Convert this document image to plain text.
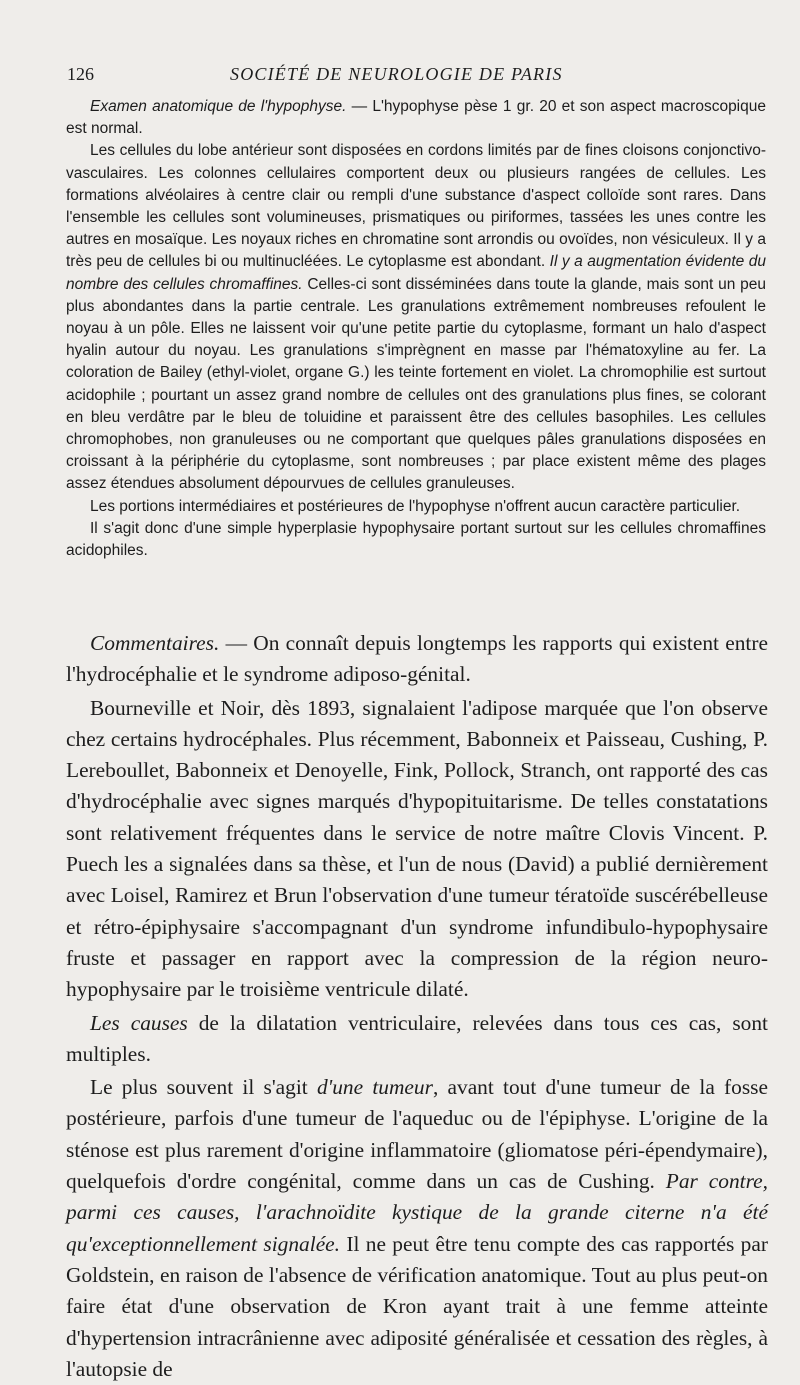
126	SOCIÉTÉ DE NEUROLOGIE DE PARIS

Examen anatomique de l'hypophyse. — L'hypophyse pèse 1 gr. 20 et son aspect macroscopique est normal.

Les cellules du lobe antérieur sont disposées en cordons limités par de fines cloisons conjonctivo-vasculaires. Les colonnes cellulaires comportent deux ou plusieurs rangées de cellules. Les formations alvéolaires à centre clair ou rempli d'une substance d'aspect colloïde sont rares. Dans l'ensemble les cellules sont volumineuses, prismatiques ou piriformes, tassées les unes contre les autres en mosaïque. Les noyaux riches en chromatine sont arrondis ou ovoïdes, non vésiculeux. Il y a très peu de cellules bi ou multinucléées. Le cytoplasme est abondant. Il y a augmentation évidente du nombre des cellules chromaffines. Celles-ci sont disséminées dans toute la glande, mais sont un peu plus abondantes dans la partie centrale. Les granulations extrêmement nombreuses refoulent le noyau à un pôle. Elles ne laissent voir qu'une petite partie du cytoplasme, formant un halo d'aspect hyalin autour du noyau. Les granulations s'imprègnent en masse par l'hématoxyline au fer. La coloration de Bailey (ethyl-violet, organe G.) les teinte fortement en violet. La chromophilie est surtout acidophile ; pourtant un assez grand nombre de cellules ont des granulations plus fines, se colorant en bleu verdâtre par le bleu de toluidine et paraissent être des cellules basophiles. Les cellules chromophobes, non granuleuses ou ne comportant que quelques pâles granulations disposées en croissant à la périphérie du cytoplasme, sont nombreuses ; par place existent même des plages assez étendues absolument dépourvues de cellules granuleuses.

Les portions intermédiaires et postérieures de l'hypophyse n'offrent aucun caractère particulier.

Il s'agit donc d'une simple hyperplasie hypophysaire portant surtout sur les cellules chromaffines acidophiles.

Commentaires. — On connaît depuis longtemps les rapports qui existent entre l'hydrocéphalie et le syndrome adiposo-génital.

Bourneville et Noir, dès 1893, signalaient l'adipose marquée que l'on observe chez certains hydrocéphales. Plus récemment, Babonneix et Paisseau, Cushing, P. Lereboullet, Babonneix et Denoyelle, Fink, Pollock, Stranch, ont rapporté des cas d'hydrocéphalie avec signes marqués d'hypopituitarisme. De telles constatations sont relativement fréquentes dans le service de notre maître Clovis Vincent. P. Puech les a signalées dans sa thèse, et l'un de nous (David) a publié dernièrement avec Loisel, Ramirez et Brun l'observation d'une tumeur tératoïde suscérébelleuse et rétro-épiphysaire s'accompagnant d'un syndrome infundibulo-hypophysaire fruste et passager en rapport avec la compression de la région neuro-hypophysaire par le troisième ventricule dilaté.

Les causes de la dilatation ventriculaire, relevées dans tous ces cas, sont multiples.

Le plus souvent il s'agit d'une tumeur, avant tout d'une tumeur de la fosse postérieure, parfois d'une tumeur de l'aqueduc ou de l'épiphyse. L'origine de la sténose est plus rarement d'origine inflammatoire (gliomatose péri-épendymaire), quelquefois d'ordre congénital, comme dans un cas de Cushing. Par contre, parmi ces causes, l'arachnoïdite kystique de la grande citerne n'a été qu'exceptionnellement signalée. Il ne peut être tenu compte des cas rapportés par Goldstein, en raison de l'absence de vérification anatomique. Tout au plus peut-on faire état d'une observation de Kron ayant trait à une femme atteinte d'hypertension intracrânienne avec adiposité généralisée et cessation des règles, à l'autopsie de
